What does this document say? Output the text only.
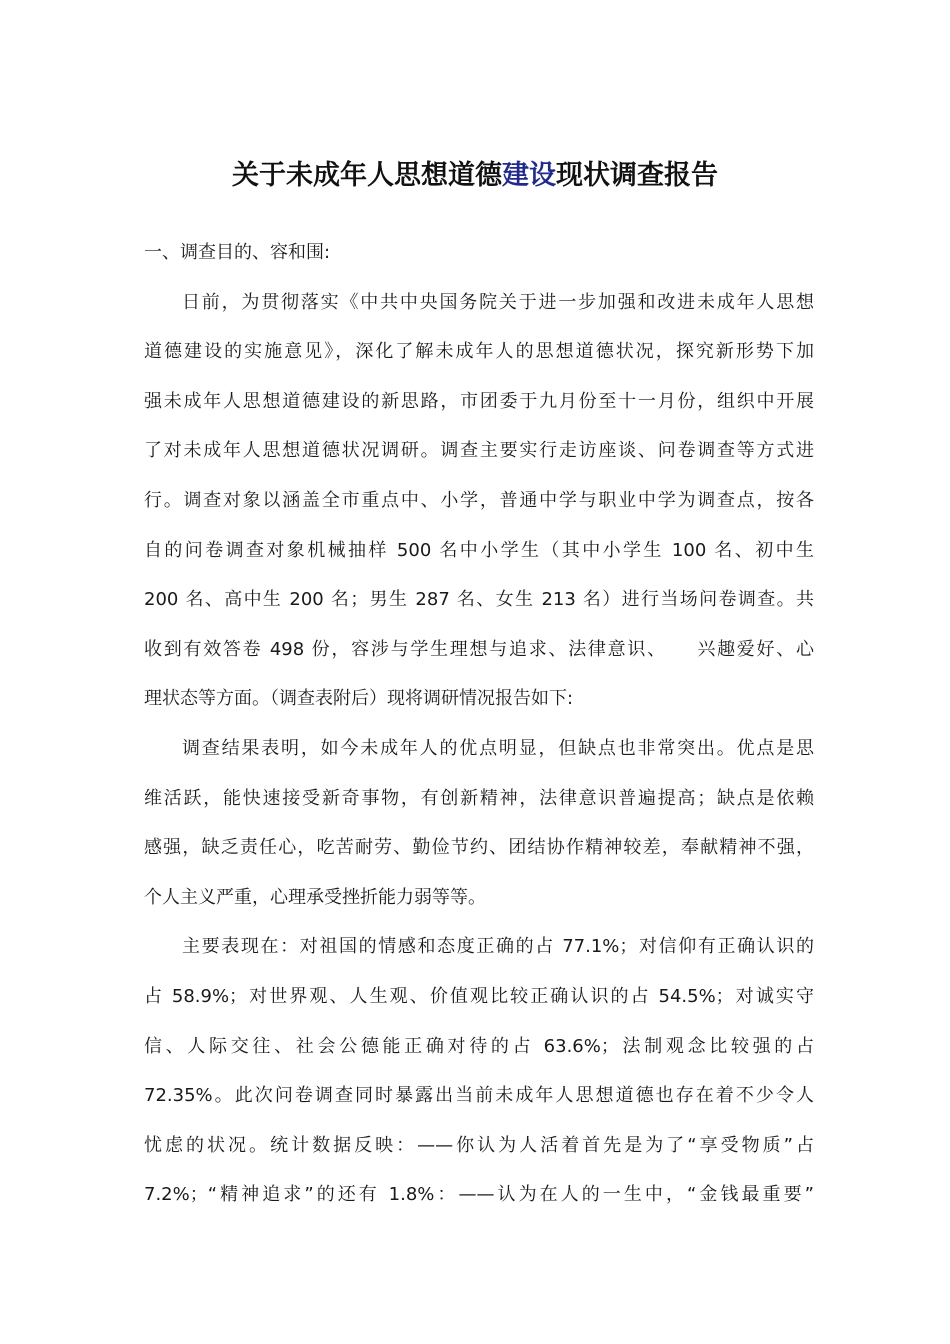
关于未成年人思想道德建设现状调查报告

一、调查目的、容和围:

日前，为贯彻落实《中共中央国务院关于进一步加强和改进未成年人思想
道德建设的实施意见》，深化了解未成年人的思想道德状况，探究新形势下加
强未成年人思想道德建设的新思路，市团委于九月份至十一月份，组织中开展
了对未成年人思想道德状况调研。调查主要实行走访座谈、问卷调查等方式进
行。调查对象以涵盖全市重点中、小学，普通中学与职业中学为调查点，按各
自的问卷调查对象机械抽样 500 名中小学生（其中小学生 100 名、初中生
200 名、高中生 200 名；男生 287 名、女生 213 名）进行当场问卷调查。共
收到有效答卷 498 份，容涉与学生理想与追求、法律意识、　　兴趣爱好、心
理状态等方面。（调查表附后）现将调研情况报告如下:

调查结果表明，如今未成年人的优点明显，但缺点也非常突出。优点是思
维活跃，能快速接受新奇事物，有创新精神，法律意识普遍提高；缺点是依赖
感强，缺乏责任心，吃苦耐劳、勤俭节约、团结协作精神较差，奉献精神不强，
个人主义严重，心理承受挫折能力弱等等。

主要表现在：对祖国的情感和态度正确的占 77.1%；对信仰有正确认识的
占 58.9%；对世界观、人生观、价值观比较正确认识的占 54.5%；对诚实守
信、人际交往、社会公德能正确对待的占 63.6%；法制观念比较强的占
72.35%。此次问卷调查同时暴露出当前未成年人思想道德也存在着不少令人
忧虑的状况。统计数据反映：——你认为人活着首先是为了“享受物质”占
7.2%；“精神追求”的还有 1.8%：——认为在人的一生中，“金钱最重要”
